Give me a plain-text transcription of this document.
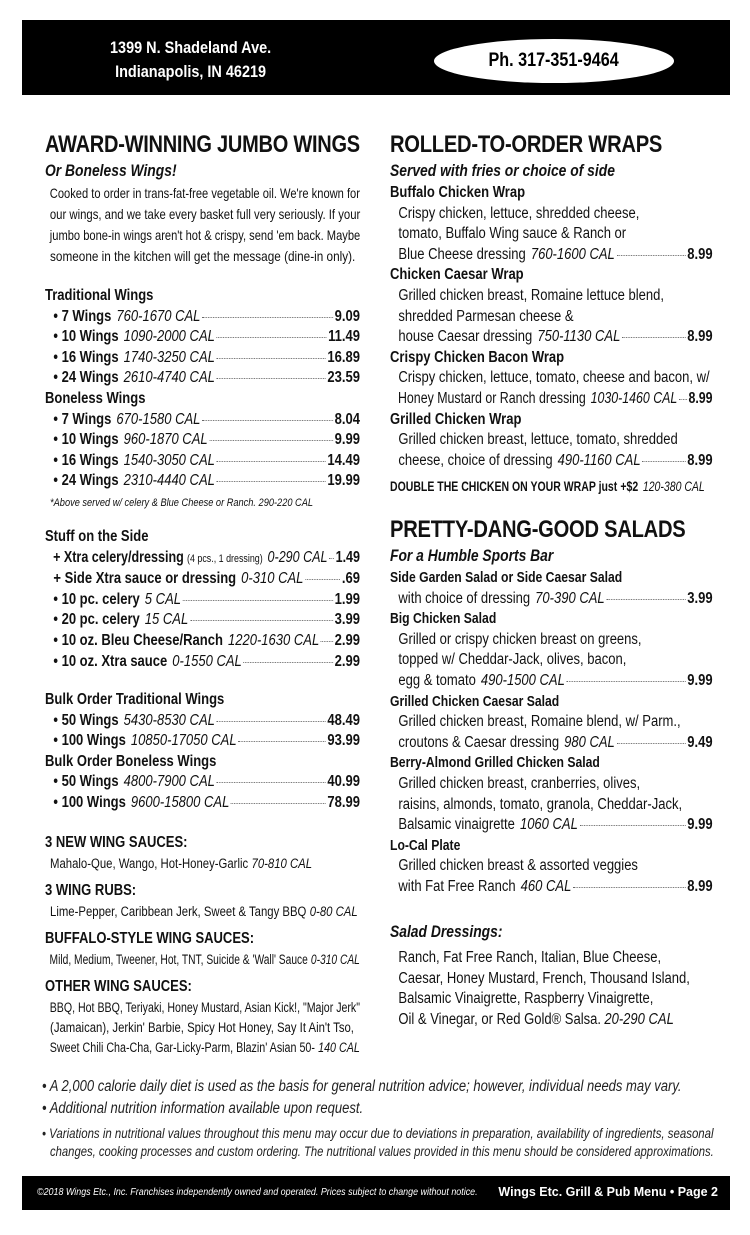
1399 N. Shadeland Ave.
Indianapolis, IN 46219
Ph. 317-351-9464
AWARD-WINNING JUMBO WINGS
Or Boneless Wings!
Cooked to order in trans-fat-free vegetable oil. We're known for
our wings, and we take every basket full very seriously. If your
jumbo bone-in wings aren't hot & crispy, send 'em back. Maybe
someone in the kitchen will get the message (dine-in only).
Traditional Wings
• 7 Wings 760-1670 CAL	9.09
• 10 Wings 1090-2000 CAL	11.49
• 16 Wings 1740-3250 CAL	16.89
• 24 Wings 2610-4740 CAL	23.59
Boneless Wings
• 7 Wings 670-1580 CAL	8.04
• 10 Wings 960-1870 CAL	9.99
• 16 Wings 1540-3050 CAL	14.49
• 24 Wings 2310-4440 CAL	19.99
*Above served w/ celery & Blue Cheese or Ranch. 290-220 CAL
Stuff on the Side
+ Xtra celery/dressing (4 pcs., 1 dressing) 0-290 CAL 1.49
+ Side Xtra sauce or dressing 0-310 CAL .69
• 10 pc. celery 5 CAL	1.99
• 20 pc. celery 15 CAL	3.99
• 10 oz. Bleu Cheese/Ranch 1220-1630 CAL 2.99
• 10 oz. Xtra sauce 0-1550 CAL	2.99
Bulk Order Traditional Wings
• 50 Wings 5430-8530 CAL	48.49
• 100 Wings 10850-17050 CAL	93.99
Bulk Order Boneless Wings
• 50 Wings 4800-7900 CAL	40.99
• 100 Wings 9600-15800 CAL	78.99
3 NEW WING SAUCES:
Mahalo-Que, Wango, Hot-Honey-Garlic 70-810 CAL
3 WING RUBS:
Lime-Pepper, Caribbean Jerk, Sweet & Tangy BBQ 0-80 CAL
BUFFALO-STYLE WING SAUCES:
Mild, Medium, Tweener, Hot, TNT, Suicide & 'Wall' Sauce 0-310 CAL
OTHER WING SAUCES:
BBQ, Hot BBQ, Teriyaki, Honey Mustard, Asian Kick!, "Major Jerk"
(Jamaican), Jerkin' Barbie, Spicy Hot Honey, Say It Ain't Tso,
Sweet Chili Cha-Cha, Gar-Licky-Parm, Blazin' Asian 50- 140 CAL
ROLLED-TO-ORDER WRAPS
Served with fries or choice of side
Buffalo Chicken Wrap
Crispy chicken, lettuce, shredded cheese,
tomato, Buffalo Wing sauce & Ranch or
Blue Cheese dressing 760-1600 CAL	8.99
Chicken Caesar Wrap
Grilled chicken breast, Romaine lettuce blend,
shredded Parmesan cheese &
house Caesar dressing 750-1130 CAL	8.99
Crispy Chicken Bacon Wrap
Crispy chicken, lettuce, tomato, cheese and bacon, w/
Honey Mustard or Ranch dressing 1030-1460 CAL 8.99
Grilled Chicken Wrap
Grilled chicken breast, lettuce, tomato, shredded
cheese, choice of dressing 490-1160 CAL	8.99
DOUBLE THE CHICKEN ON YOUR WRAP just +$2 120-380 CAL
PRETTY-DANG-GOOD SALADS
For a Humble Sports Bar
Side Garden Salad or Side Caesar Salad
with choice of dressing 70-390 CAL	3.99
Big Chicken Salad
Grilled or crispy chicken breast on greens,
topped w/ Cheddar-Jack, olives, bacon,
egg & tomato 490-1500 CAL	9.99
Grilled Chicken Caesar Salad
Grilled chicken breast, Romaine blend, w/ Parm.,
croutons & Caesar dressing 980 CAL	9.49
Berry-Almond Grilled Chicken Salad
Grilled chicken breast, cranberries, olives,
raisins, almonds, tomato, granola, Cheddar-Jack,
Balsamic vinaigrette 1060 CAL	9.99
Lo-Cal Plate
Grilled chicken breast & assorted veggies
with Fat Free Ranch 460 CAL	8.99
Salad Dressings:
Ranch, Fat Free Ranch, Italian, Blue Cheese,
Caesar, Honey Mustard, French, Thousand Island,
Balsamic Vinaigrette, Raspberry Vinaigrette,
Oil & Vinegar, or Red Gold® Salsa. 20-290 CAL
• A 2,000 calorie daily diet is used as the basis for general nutrition advice; however, individual needs may vary.
• Additional nutrition information available upon request.
• Variations in nutritional values throughout this menu may occur due to deviations in preparation, availability of ingredients, seasonal
changes, cooking processes and custom ordering. The nutritional values provided in this menu should be considered approximations.
©2018 Wings Etc., Inc. Franchises independently owned and operated. Prices subject to change without notice. Wings Etc. Grill & Pub Menu • Page 2
